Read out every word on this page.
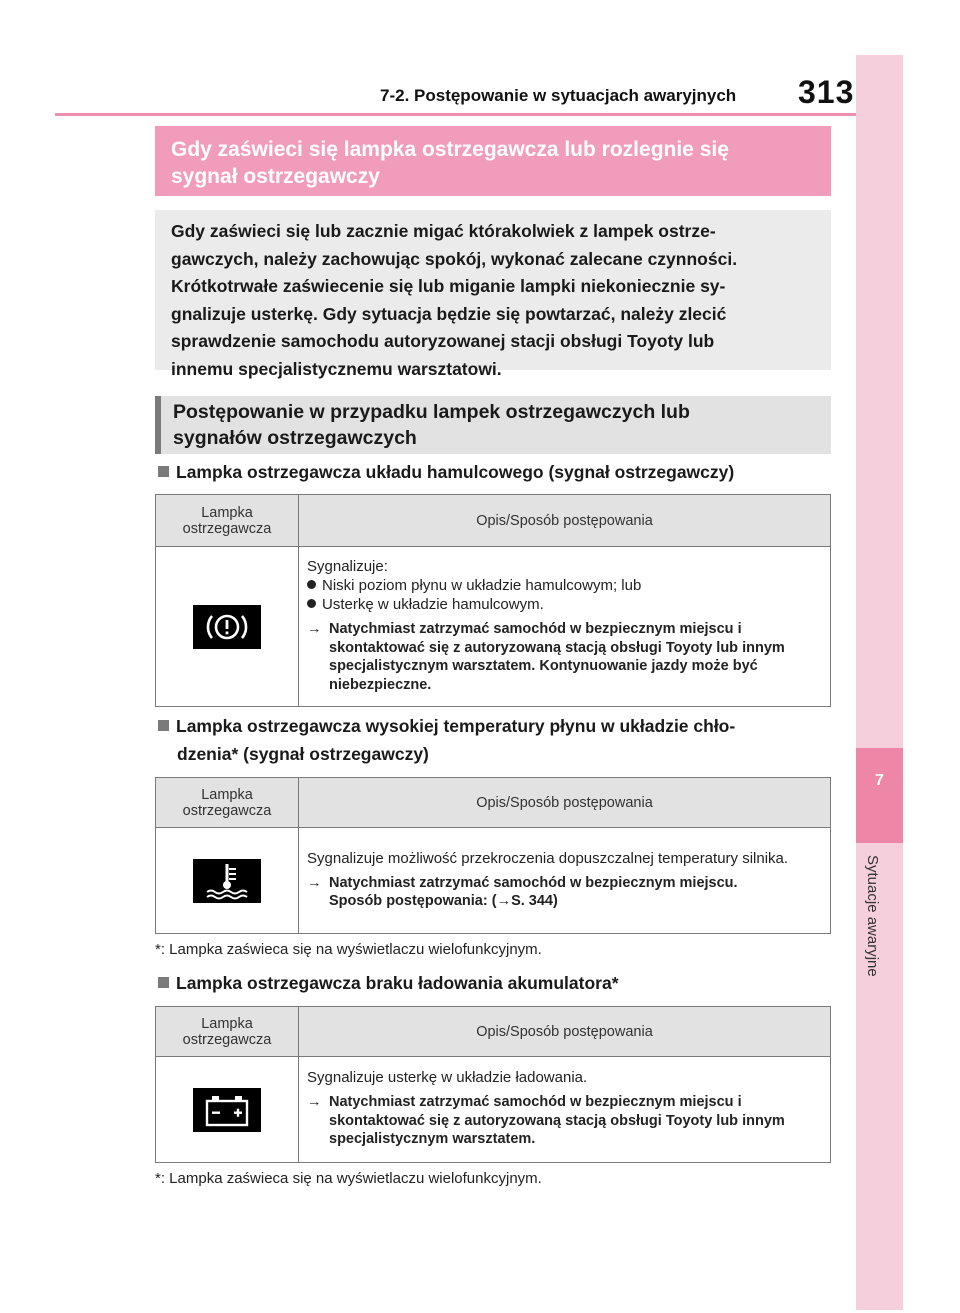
7-2. Postępowanie w sytuacjach awaryjnych 313
7
Sytuacje awaryjne
Gdy zaświeci się lampka ostrzegawcza lub rozlegnie się
sygnał ostrzegawczy
Gdy zaświeci się lub zacznie migać którakolwiek z lampek ostrze-
gawczych, należy zachowując spokój, wykonać zalecane czynności.
Krótkotrwałe zaświecenie się lub miganie lampki niekoniecznie sy-
gnalizuje usterkę. Gdy sytuacja będzie się powtarzać, należy zlecić
sprawdzenie samochodu autoryzowanej stacji obsługi Toyoty lub
innemu specjalistycznemu warsztatowi.
Postępowanie w przypadku lampek ostrzegawczych lub
sygnałów ostrzegawczych
Lampka ostrzegawcza układu hamulcowego (sygnał ostrzegawczy)
Lampka
ostrzegawcza	Opis/Sposób postępowania

Sygnalizuje:
Niski poziom płynu w układzie hamulcowym; lub
Usterkę w układzie hamulcowym.
→ Natychmiast zatrzymać samochód w bezpiecznym miejscu i skontaktować się z autoryzowaną stacją obsługi Toyoty lub innym specjalistycznym warsztatem. Kontynuowanie jazdy może być niebezpieczne.
Lampka ostrzegawcza wysokiej temperatury płynu w układzie chło-
dzenia* (sygnał ostrzegawczy)
Lampka
ostrzegawcza	Opis/Sposób postępowania

Sygnalizuje możliwość przekroczenia dopuszczalnej temperatury silnika.
→ Natychmiast zatrzymać samochód w bezpiecznym miejscu.
Sposób postępowania: (→S. 344)
*: Lampka zaświeca się na wyświetlaczu wielofunkcyjnym.
Lampka ostrzegawcza braku ładowania akumulatora*
Lampka
ostrzegawcza	Opis/Sposób postępowania

Sygnalizuje usterkę w układzie ładowania.
→ Natychmiast zatrzymać samochód w bezpiecznym miejscu i skontaktować się z autoryzowaną stacją obsługi Toyoty lub innym specjalistycznym warsztatem.
*: Lampka zaświeca się na wyświetlaczu wielofunkcyjnym.
